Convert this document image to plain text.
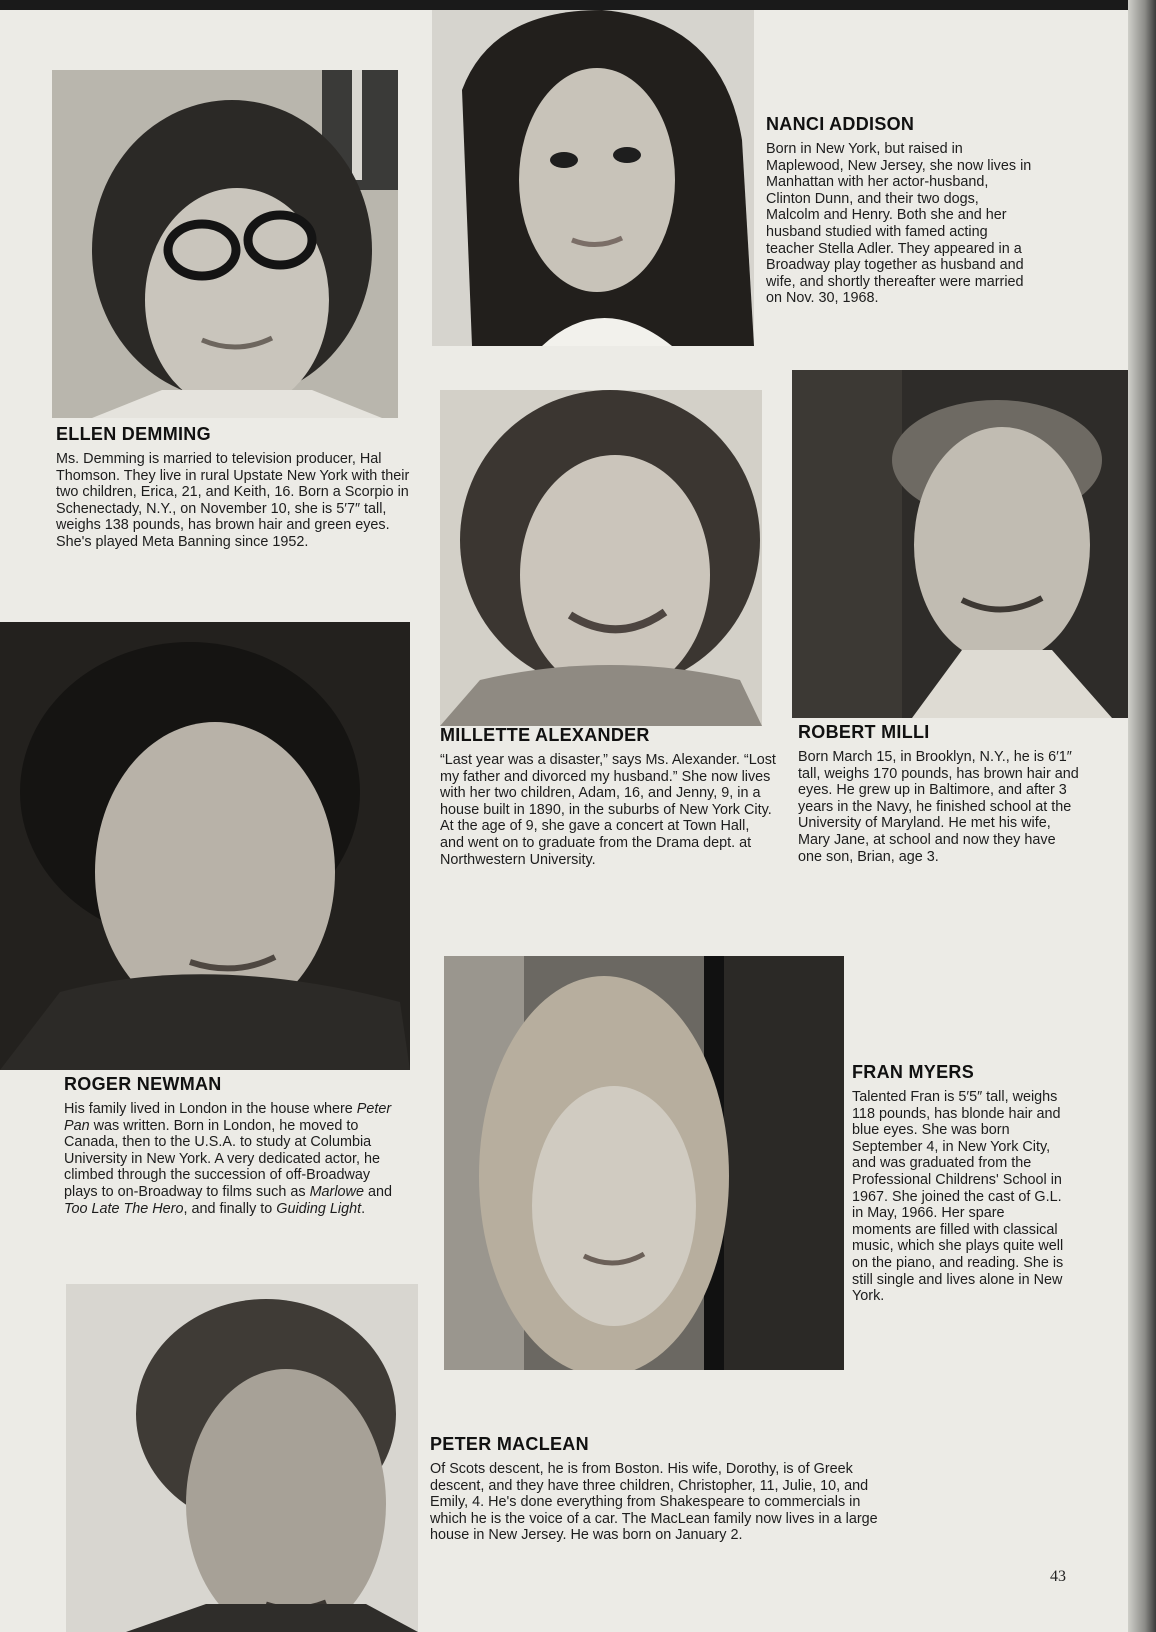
NANCI ADDISON

Born in New York, but raised in Maplewood, New Jersey, she now lives in Manhattan with her actor-husband, Clinton Dunn, and their two dogs, Malcolm and Henry. Both she and her husband studied with famed acting teacher Stella Adler. They appeared in a Broadway play together as husband and wife, and shortly thereafter were married on Nov. 30, 1968.

ELLEN DEMMING

Ms. Demming is married to television producer, Hal Thomson. They live in rural Upstate New York with their two children, Erica, 21, and Keith, 16. Born a Scorpio in Schenectady, N.Y., on November 10, she is 5′7″ tall, weighs 138 pounds, has brown hair and green eyes. She's played Meta Banning since 1952.

MILLETTE ALEXANDER

“Last year was a disaster,” says Ms. Alexander. “Lost my father and divorced my husband.” She now lives with her two children, Adam, 16, and Jenny, 9, in a house built in 1890, in the suburbs of New York City. At the age of 9, she gave a concert at Town Hall, and went on to graduate from the Drama dept. at Northwestern University.

ROBERT MILLI

Born March 15, in Brooklyn, N.Y., he is 6′1″ tall, weighs 170 pounds, has brown hair and eyes. He grew up in Baltimore, and after 3 years in the Navy, he finished school at the University of Maryland. He met his wife, Mary Jane, at school and now they have one son, Brian, age 3.

ROGER NEWMAN

His family lived in London in the house where Peter Pan was written. Born in London, he moved to Canada, then to the U.S.A. to study at Columbia University in New York. A very dedicated actor, he climbed through the succession of off-Broadway plays to on-Broadway to films such as Marlowe and Too Late The Hero, and finally to Guiding Light.

FRAN MYERS

Talented Fran is 5′5″ tall, weighs 118 pounds, has blonde hair and blue eyes. She was born September 4, in New York City, and was graduated from the Professional Childrens' School in 1967. She joined the cast of G.L. in May, 1966. Her spare moments are filled with classical music, which she plays quite well on the piano, and reading. She is still single and lives alone in New York.

PETER MACLEAN

Of Scots descent, he is from Boston. His wife, Dorothy, is of Greek descent, and they have three children, Christopher, 11, Julie, 10, and Emily, 4. He's done everything from Shakespeare to commercials in which he is the voice of a car. The MacLean family now lives in a large house in New Jersey. He was born on January 2.

43
